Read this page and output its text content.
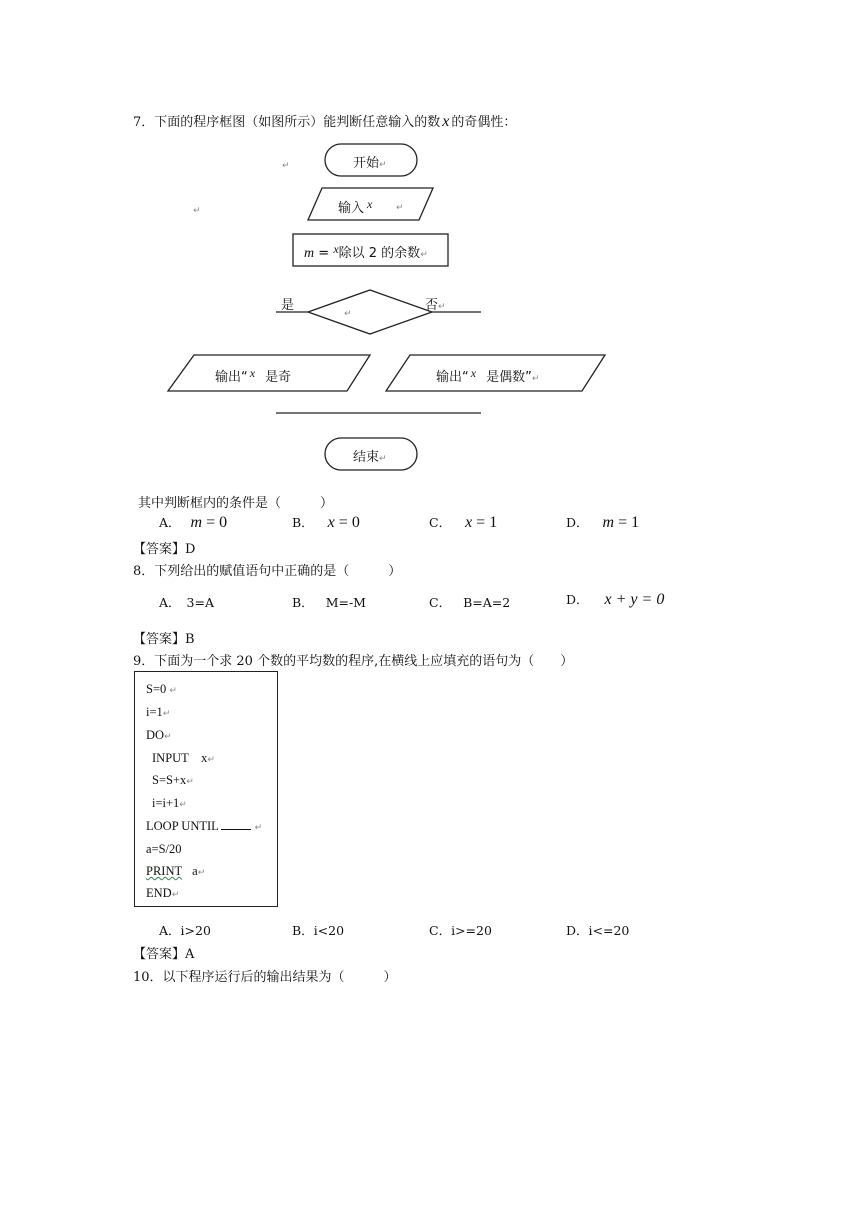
7．下面的程序框图（如图所示）能判断任意输入的数 x 的奇偶性：
开始↵
↵
↵	输入 x	↵
m = x除以 2 的余数↵
是	否↵
↵
输出“ x 是奇	输出“ x 是偶数”↵
结束↵
其中判断框内的条件是（　　　）
A． m = 0	B． x = 0	C． x = 1	D． m = 1
【答案】D
8．下列给出的赋值语句中正确的是（　　　）
A． 3=A	B． M=-M	C． B=A=2	D． x + y = 0
【答案】B
9．下面为一个求 20 个数的平均数的程序,在横线上应填充的语句为（　　）
S=0 ↵
i=1↵
DO↵
INPUT    x↵
S=S+x↵
i=i+1↵
LOOP UNTIL	↵
a=S/20
PRINT a↵
END↵
A．i>20	B．i<20	C．i>=20	D．i<=20
【答案】A
10．以下程序运行后的输出结果为（　　　）
